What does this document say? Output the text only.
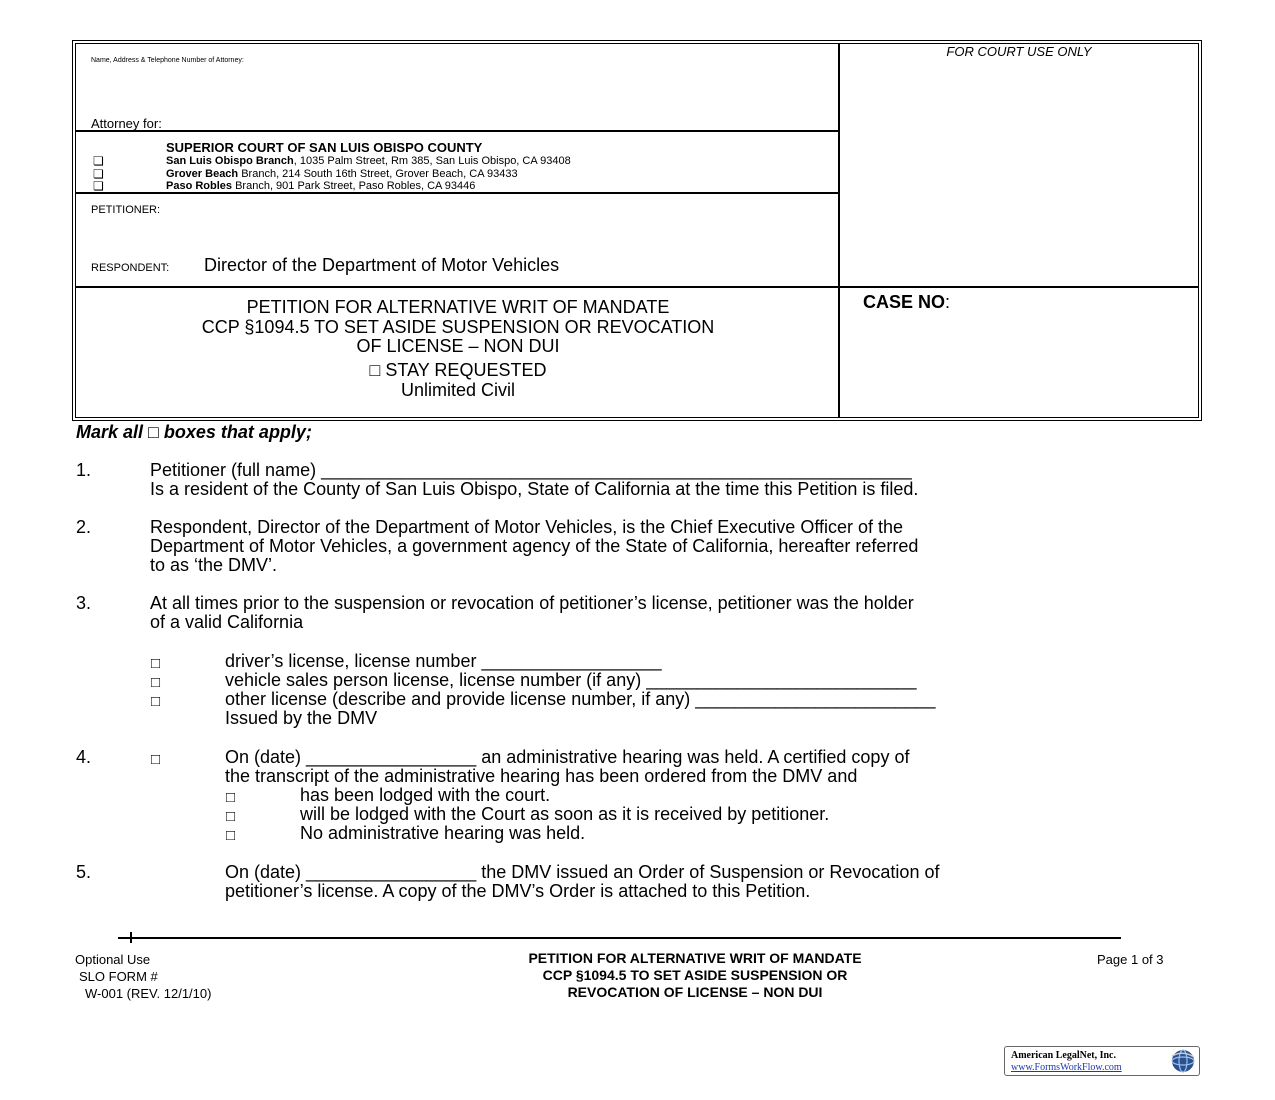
Name, Address & Telephone Number of Attorney:
Attorney for:
FOR COURT USE ONLY
SUPERIOR COURT OF SAN LUIS OBISPO COUNTY
❏	San Luis Obispo Branch, 1035 Palm Street, Rm 385, San Luis Obispo, CA 93408
❏	Grover Beach Branch, 214 South 16th Street, Grover Beach, CA 93433
❏	Paso Robles Branch, 901 Park Street, Paso Robles, CA 93446
PETITIONER:
RESPONDENT: Director of the Department of Motor Vehicles
PETITION FOR ALTERNATIVE WRIT OF MANDATE
CCP §1094.5 TO SET ASIDE SUSPENSION OR REVOCATION
OF LICENSE – NON DUI
□ STAY REQUESTED
Unlimited Civil
CASE NO:
Mark all □ boxes that apply;
1.	Petitioner (full name) ___________________________________________________________
Is a resident of the County of San Luis Obispo, State of California at the time this Petition is filed.
2.	Respondent, Director of the Department of Motor Vehicles, is the Chief Executive Officer of the
Department of Motor Vehicles, a government agency of the State of California, hereafter referred
to as ‘the DMV’.
3.	At all times prior to the suspension or revocation of petitioner’s license, petitioner was the holder
of a valid California
□	driver’s license, license number __________________
□	vehicle sales person license, license number (if any) ___________________________
□	other license (describe and provide license number, if any) ________________________
Issued by the DMV
4.	□	On (date) _________________ an administrative hearing was held. A certified copy of
the transcript of the administrative hearing has been ordered from the DMV and
□	has been lodged with the court.
□	will be lodged with the Court as soon as it is received by petitioner.
□	No administrative hearing was held.
5.	On (date) _________________ the DMV issued an Order of Suspension or Revocation of
petitioner’s license. A copy of the DMV’s Order is attached to this Petition.
Optional Use
SLO FORM #
W-001 (REV. 12/1/10)
PETITION FOR ALTERNATIVE WRIT OF MANDATE
CCP §1094.5 TO SET ASIDE SUSPENSION OR
REVOCATION OF LICENSE – NON DUI
Page 1 of 3
American LegalNet, Inc.
www.FormsWorkFlow.com
